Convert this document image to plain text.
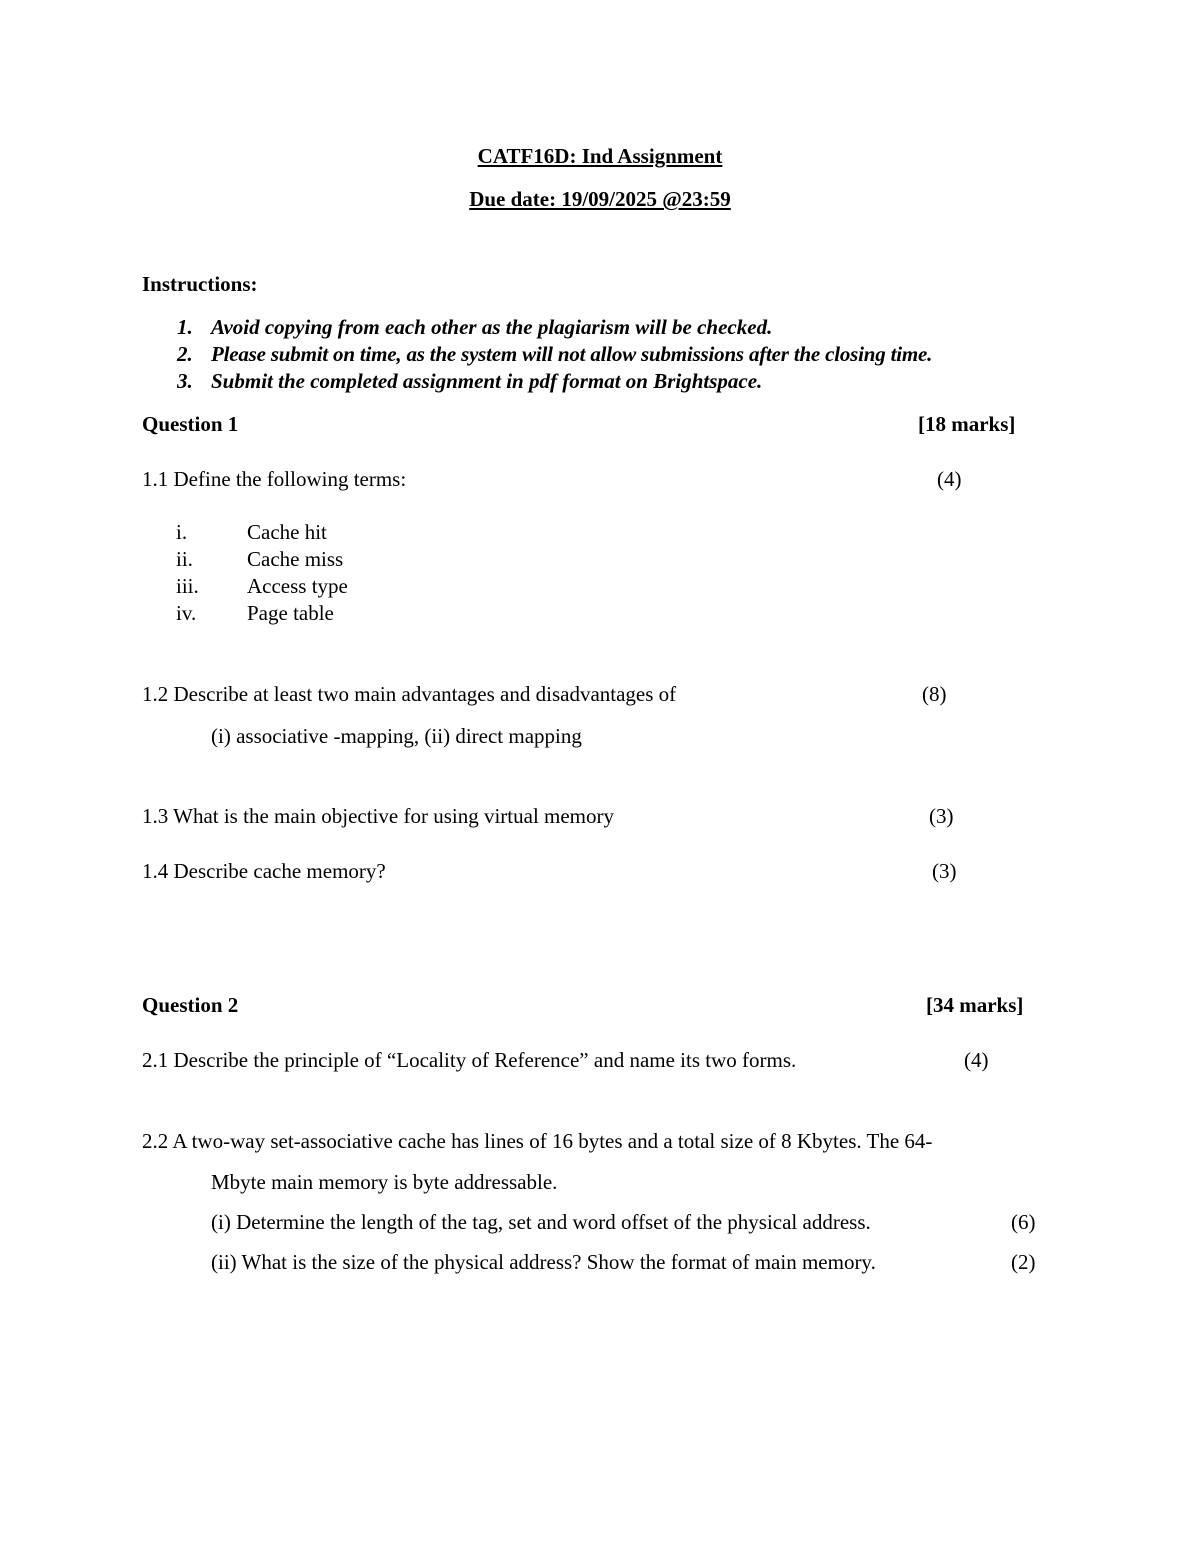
CATF16D: Ind Assignment
Due date: 19/09/2025 @23:59
Instructions:
1. Avoid copying from each other as the plagiarism will be checked.
2. Please submit on time, as the system will not allow submissions after the closing time.
3. Submit the completed assignment in pdf format on Brightspace.
Question 1	[18 marks]
1.1 Define the following terms:	(4)
i.	Cache hit
ii.	Cache miss
iii. Access type
iv. Page table
1.2 Describe at least two main advantages and disadvantages of	(8)
(i) associative -mapping, (ii) direct mapping
1.3 What is the main objective for using virtual memory	(3)
1.4 Describe cache memory?	(3)
Question 2	[34 marks]
2.1 Describe the principle of “Locality of Reference” and name its two forms.	(4)
2.2 A two-way set-associative cache has lines of 16 bytes and a total size of 8 Kbytes. The 64-
Mbyte main memory is byte addressable.
(i) Determine the length of the tag, set and word offset of the physical address.	(6)
(ii) What is the size of the physical address? Show the format of main memory.	(2)
